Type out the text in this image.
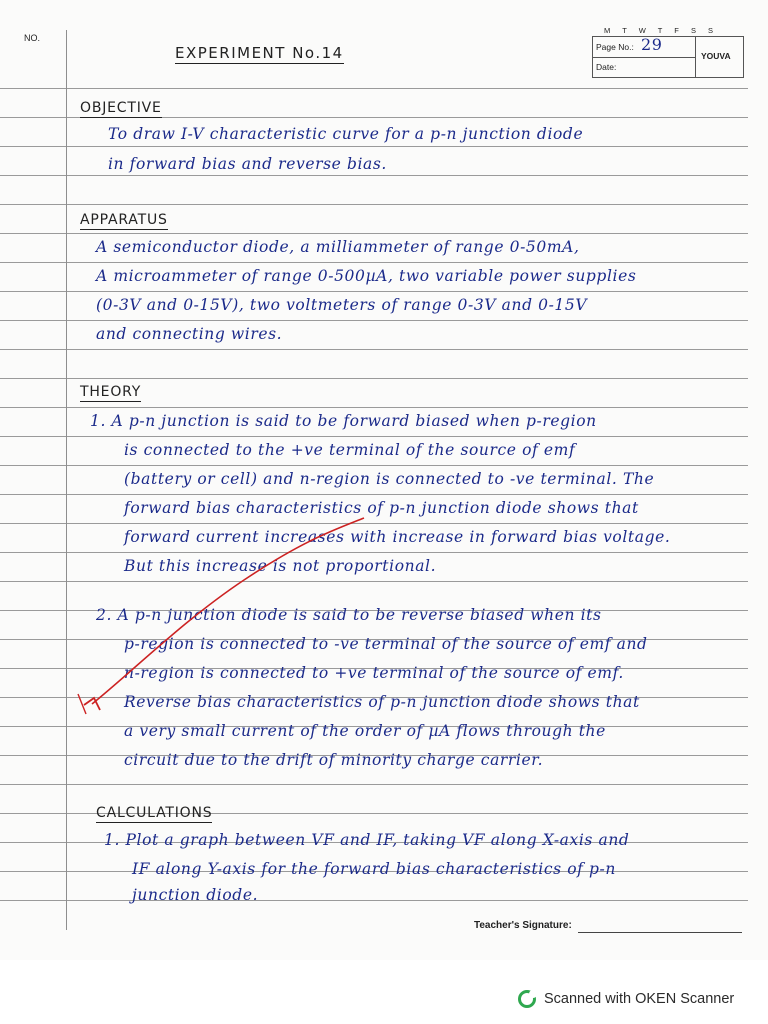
NO.
M T W T F S S
Page No.: 29
Date:
YOUVA
EXPERIMENT No.14
OBJECTIVE
To draw I-V characteristic curve for a p-n junction diode
in forward bias and reverse bias.
APPARATUS
A semiconductor diode, a milliammeter of range 0-50mA,
A microammeter of range 0-500µA, two variable power supplies
(0-3V and 0-15V), two voltmeters of range 0-3V and 0-15V
and connecting wires.
THEORY
1. A p-n junction is said to be forward biased when p-region
is connected to the +ve terminal of the source of emf
(battery or cell) and n-region is connected to -ve terminal. The
forward bias characteristics of p-n junction diode shows that
forward current increases with increase in forward bias voltage.
But this increase is not proportional.
2. A p-n junction diode is said to be reverse biased when its
p-region is connected to -ve terminal of the source of emf and
n-region is connected to +ve terminal of the source of emf.
Reverse bias characteristics of p-n junction diode shows that
a very small current of the order of µA flows through the
circuit due to the drift of minority charge carrier.
CALCULATIONS
1. Plot a graph between VF and IF, taking VF along X-axis and
IF along Y-axis for the forward bias characteristics of p-n
junction diode.
Teacher's Signature:
Scanned with OKEN Scanner
